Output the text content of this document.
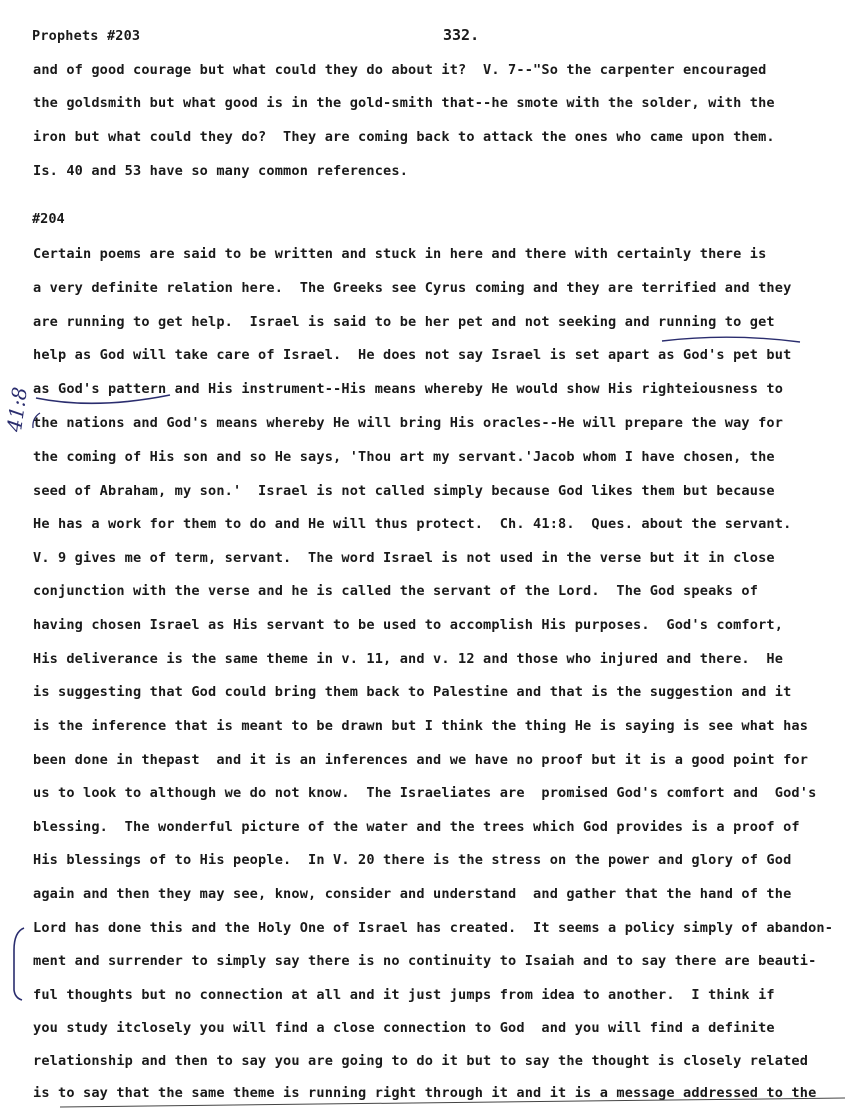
Prophets #203	332.
and of good courage but what could they do about it?  V. 7--"So the carpenter encouraged
the goldsmith but what good is in the gold-smith that--he smote with the solder, with the
iron but what could they do?  They are coming back to attack the ones who came upon them.
Is. 40 and 53 have so many common references.
#204
Certain poems are said to be written and stuck in here and there with certainly there is
a very definite relation here.  The Greeks see Cyrus coming and they are terrified and they
are running to get help.  Israel is said to be her pet and not seeking and running to get
help as God will take care of Israel.  He does not say Israel is set apart as God's pet but
as God's pattern and His instrument--His means whereby He would show His righteiousness to
the nations and God's means whereby He will bring His oracles--He will prepare the way for
the coming of His son and so He says, 'Thou art my servant.'Jacob whom I have chosen, the
seed of Abraham, my son.'  Israel is not called simply because God likes them but because
He has a work for them to do and He will thus protect.  Ch. 41:8.  Ques. about the servant.
V. 9 gives me of term, servant.  The word Israel is not used in the verse but it in close
conjunction with the verse and he is called the servant of the Lord.  The God speaks of
having chosen Israel as His servant to be used to accomplish His purposes.  God's comfort,
His deliverance is the same theme in v. 11, and v. 12 and those who injured and there.  He
is suggesting that God could bring them back to Palestine and that is the suggestion and it
is the inference that is meant to be drawn but I think the thing He is saying is see what has
been done in thepast  and it is an inferences and we have no proof but it is a good point for
us to look to although we do not know.  The Israeliates are  promised God's comfort and  God's
blessing.  The wonderful picture of the water and the trees which God provides is a proof of
His blessings of to His people.  In V. 20 there is the stress on the power and glory of God
again and then they may see, know, consider and understand  and gather that the hand of the
Lord has done this and the Holy One of Israel has created.  It seems a policy simply of abandon-
ment and surrender to simply say there is no continuity to Isaiah and to say there are beauti-
ful thoughts but no connection at all and it just jumps from idea to another.  I think if
you study itclosely you will find a close connection to God  and you will find a definite
relationship and then to say you are going to do it but to say the thought is closely related
is to say that the same theme is running right through it and it is a message addressed to the
41:8
